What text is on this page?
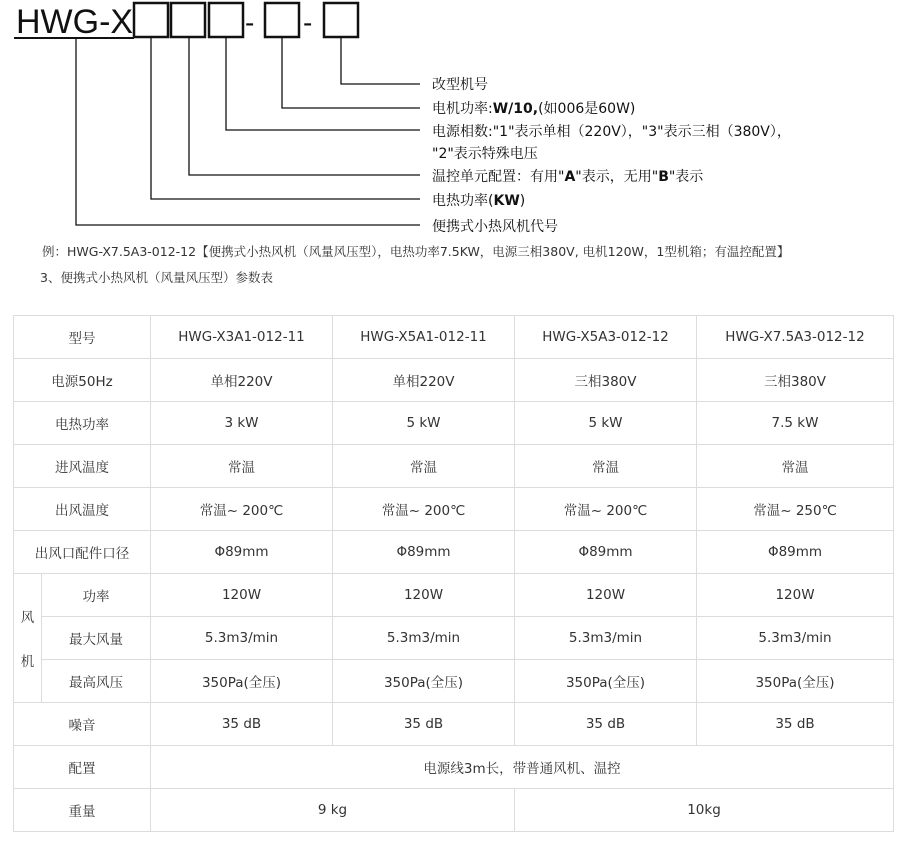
HWG-X	- -
改型机号
电机功率:W/10,(如006是60W)
电源相数:"1"表示单相（220V），"3"表示三相（380V），
"2"表示特殊电压
温控单元配置：有用"A"表示，无用"B"表示
电热功率(KW)
便携式小热风机代号
例：HWG-X7.5A3-012-12【便携式小热风机（风量风压型），电热功率7.5KW，电源三相380V, 电机120W，1型机箱；有温控配置】
3、便携式小热风机（风量风压型）参数表
型号		HWG-X3A1-012-11	HWG-X5A1-012-11	HWG-X5A3-012-12	HWG-X7.5A3-012-12
电源50Hz		单相220V	单相220V	三相380V	三相380V
电热功率		3 kW	5 kW	5 kW	7.5 kW
进风温度		常温	常温	常温	常温
出风温度		常温~ 200℃	常温~ 200℃	常温~ 200℃	常温~ 250℃
出风口配件口径		Φ89mm	Φ89mm	Φ89mm	Φ89mm

风
机	功率	120W	120W	120W	120W
	最大风量	5.3m3/min	5.3m3/min	5.3m3/min	5.3m3/min
	最高风压	350Pa(全压)	350Pa(全压)	350Pa(全压)	350Pa(全压)
噪音		35 dB	35 dB	35 dB	35 dB
配置		电源线3m长，带普通风机、温控			
重量		9 kg		10kg	
